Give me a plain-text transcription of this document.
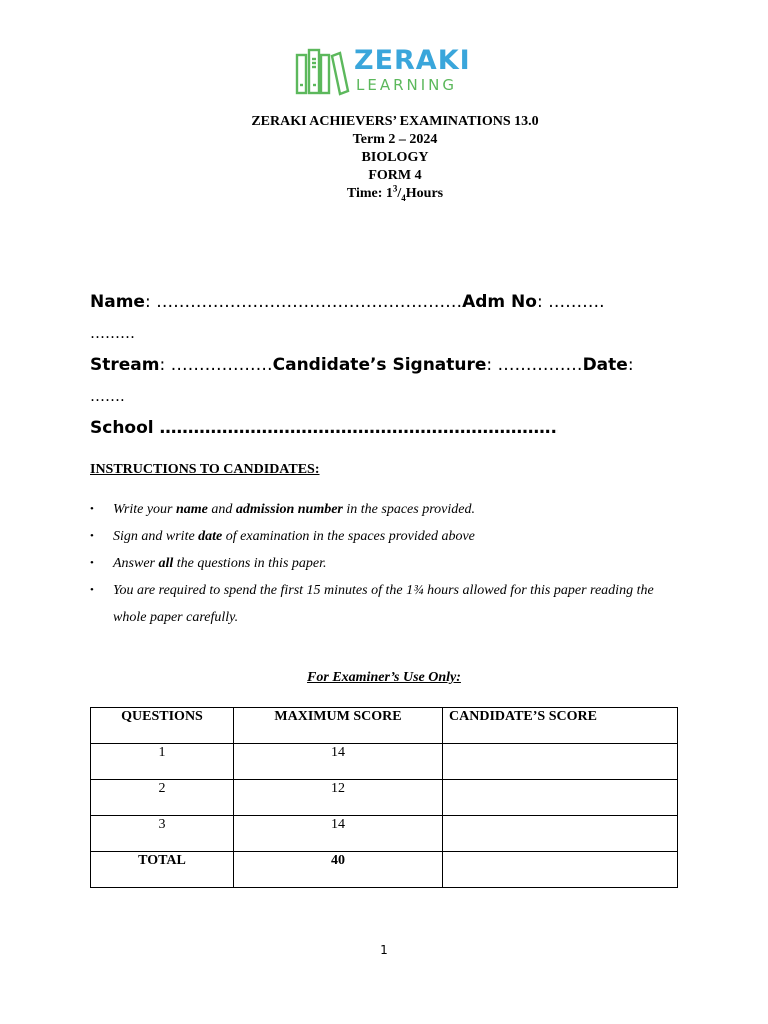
ZERAKI
LEARNING
ZERAKI ACHIEVERS’ EXAMINATIONS 13.0
Term 2 – 2024
BIOLOGY
FORM 4
Time: $1^3/_4Hours$
Name: ………………………………………………Adm No: ……….
………
Stream: ………………Candidate’s Signature: ……………Date:
…….
School …………………………………………………………….
INSTRUCTIONS TO CANDIDATES:
• Write your name and admission number in the spaces provided.
• Sign and write date of examination in the spaces provided above
• Answer all the questions in this paper.
• You are required to spend the first 15 minutes of the 1¾ hours allowed for this paper reading the whole paper carefully.
For Examiner’s Use Only:
QUESTIONS	MAXIMUM SCORE	CANDIDATE’S SCORE
1	14	
2	12	
3	14	
TOTAL	40	
1
